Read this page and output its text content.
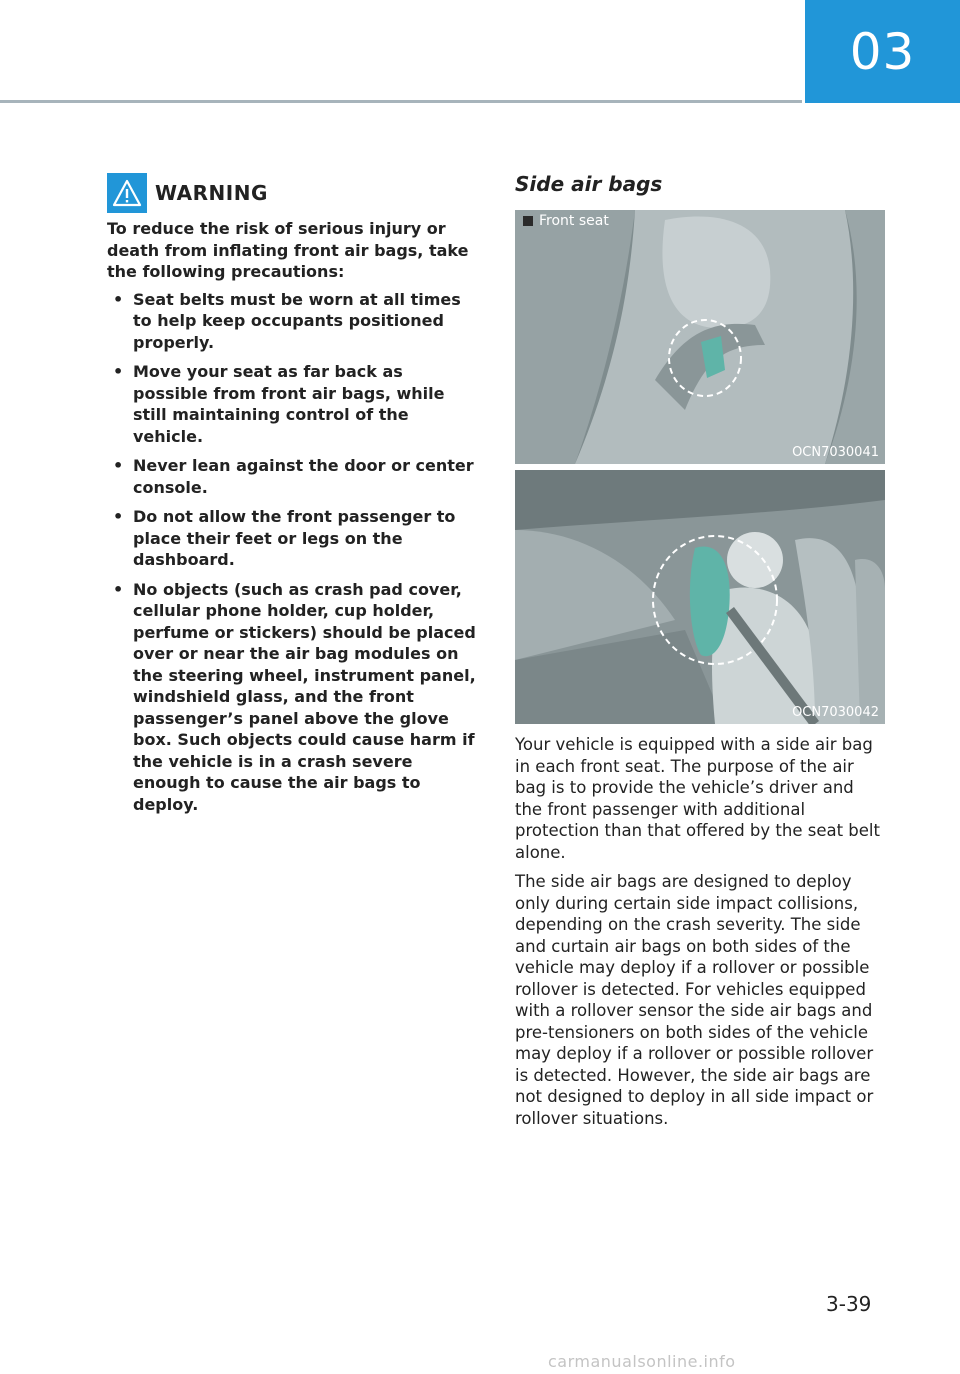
03
WARNING
To reduce the risk of serious injury or death from inflating front air bags, take the following precautions:
• Seat belts must be worn at all times to help keep occupants positioned properly.
• Move your seat as far back as possible from front air bags, while still maintaining control of the vehicle.
• Never lean against the door or center console.
• Do not allow the front passenger to place their feet or legs on the dashboard.
• No objects (such as crash pad cover, cellular phone holder, cup holder, perfume or stickers) should be placed over or near the air bag modules on the steering wheel, instrument panel, windshield glass, and the front passenger’s panel above the glove box. Such objects could cause harm if the vehicle is in a crash severe enough to cause the air bags to deploy.
Side air bags
Front seat
OCN7030041
OCN7030042

Your vehicle is equipped with a side air bag in each front seat. The purpose of the air bag is to provide the vehicle’s driver and the front passenger with additional protection than that offered by the seat belt alone.

The side air bags are designed to deploy only during certain side impact collisions, depending on the crash severity. The side and curtain air bags on both sides of the vehicle may deploy if a rollover or possible rollover is detected. For vehicles equipped with a rollover sensor the side air bags and pre-tensioners on both sides of the vehicle may deploy if a rollover or possible rollover is detected. However, the side air bags are not designed to deploy in all side impact or rollover situations.

3-39
carmanualsonline.info
